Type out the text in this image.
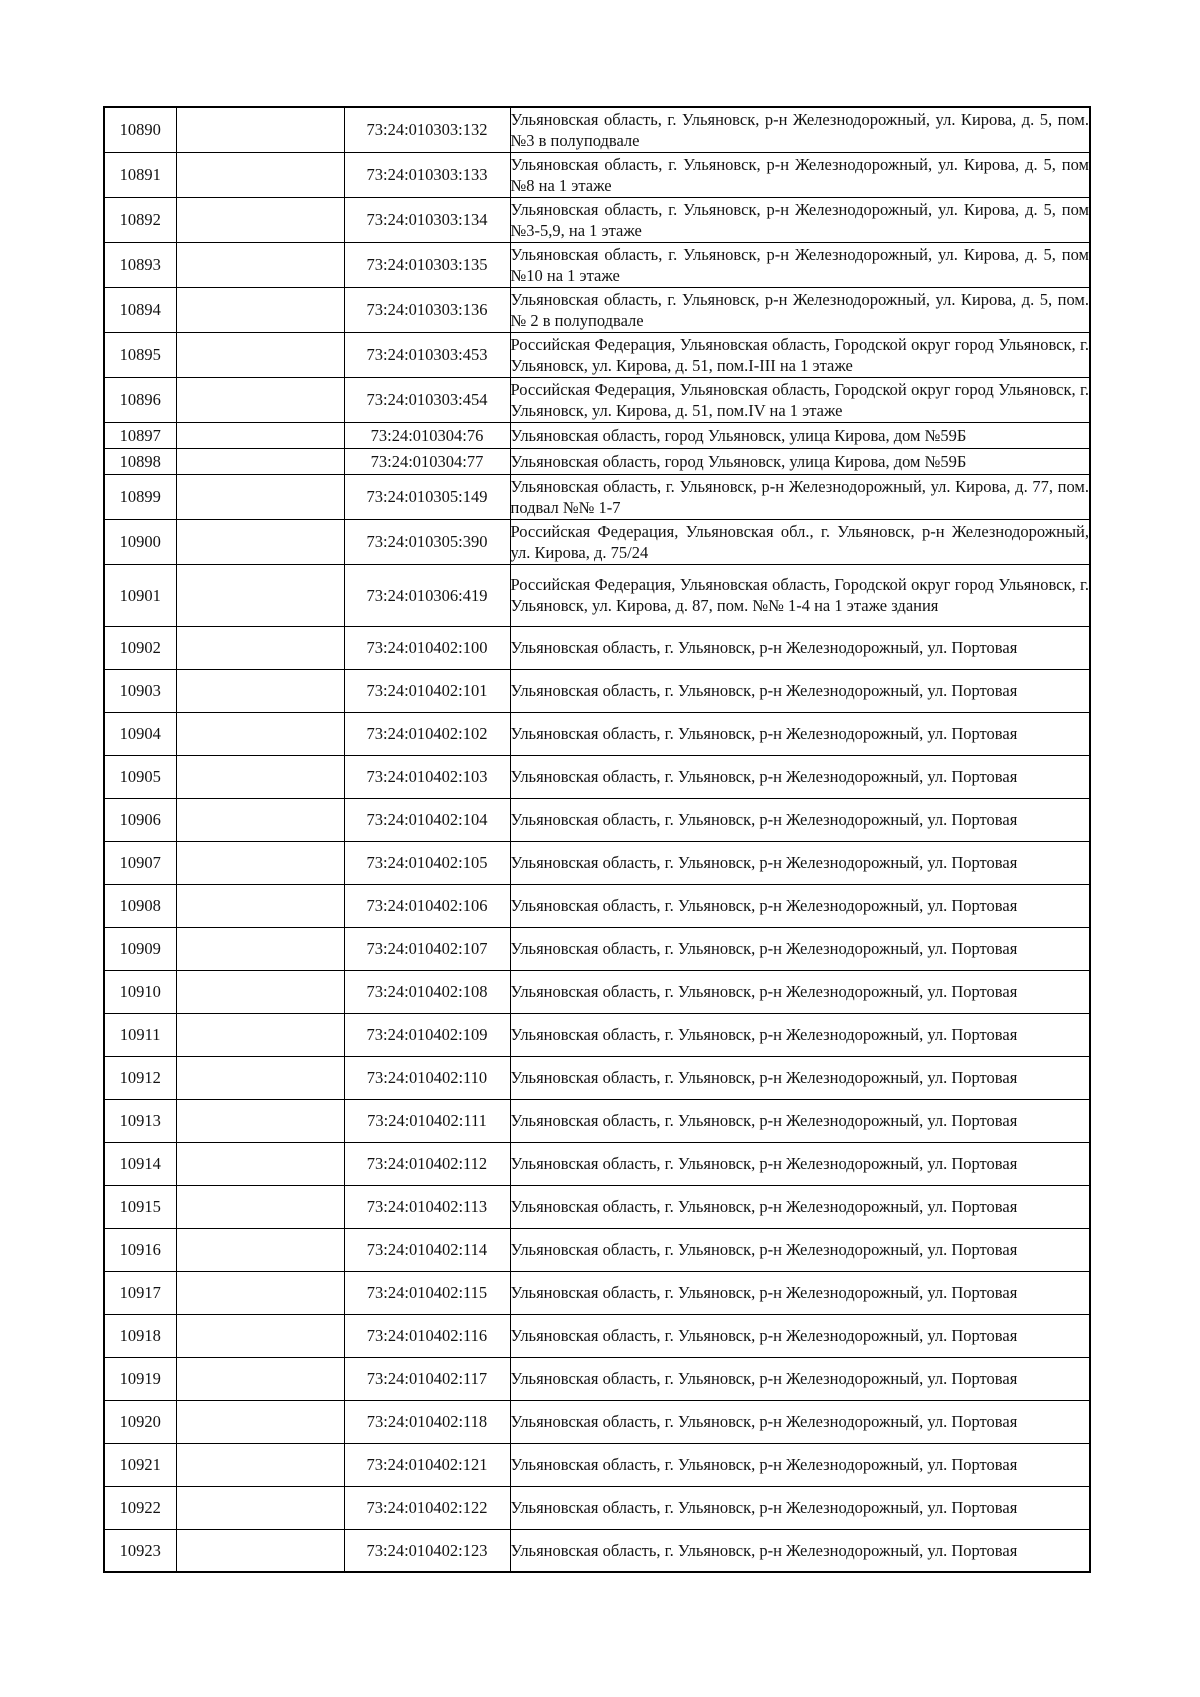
10890		73:24:010303:132	Ульяновская область, г. Ульяновск, р-н Железнодорожный, ул. Кирова, д. 5, пом. №3 в полуподвале
10891		73:24:010303:133	Ульяновская область, г. Ульяновск, р-н Железнодорожный, ул. Кирова, д. 5, пом №8 на 1 этаже
10892		73:24:010303:134	Ульяновская область, г. Ульяновск, р-н Железнодорожный, ул. Кирова, д. 5, пом №3-5,9, на 1 этаже
10893		73:24:010303:135	Ульяновская область, г. Ульяновск, р-н Железнодорожный, ул. Кирова, д. 5, пом №10 на 1 этаже
10894		73:24:010303:136	Ульяновская область, г. Ульяновск, р-н Железнодорожный, ул. Кирова, д. 5, пом. № 2 в полуподвале
10895		73:24:010303:453	Российская Федерация, Ульяновская область, Городской округ город Ульяновск, г. Ульяновск, ул. Кирова, д. 51, пом.I-III на 1 этаже
10896		73:24:010303:454	Российская Федерация, Ульяновская область, Городской округ город Ульяновск, г. Ульяновск, ул. Кирова, д. 51, пом.IV на 1 этаже
10897		73:24:010304:76	Ульяновская область, город Ульяновск, улица Кирова, дом №59Б
10898		73:24:010304:77	Ульяновская область, город Ульяновск, улица Кирова, дом №59Б
10899		73:24:010305:149	Ульяновская область, г. Ульяновск, р-н Железнодорожный, ул. Кирова, д. 77, пом. подвал №№ 1-7
10900		73:24:010305:390	Российская Федерация, Ульяновская обл., г. Ульяновск, р-н Железнодорожный, ул. Кирова, д. 75/24
10901		73:24:010306:419	Российская Федерация, Ульяновская область, Городской округ город Ульяновск, г. Ульяновск, ул. Кирова, д. 87, пом. №№ 1-4 на 1 этаже здания
10902		73:24:010402:100	Ульяновская область, г. Ульяновск, р-н Железнодорожный, ул. Портовая
10903		73:24:010402:101	Ульяновская область, г. Ульяновск, р-н Железнодорожный, ул. Портовая
10904		73:24:010402:102	Ульяновская область, г. Ульяновск, р-н Железнодорожный, ул. Портовая
10905		73:24:010402:103	Ульяновская область, г. Ульяновск, р-н Железнодорожный, ул. Портовая
10906		73:24:010402:104	Ульяновская область, г. Ульяновск, р-н Железнодорожный, ул. Портовая
10907		73:24:010402:105	Ульяновская область, г. Ульяновск, р-н Железнодорожный, ул. Портовая
10908		73:24:010402:106	Ульяновская область, г. Ульяновск, р-н Железнодорожный, ул. Портовая
10909		73:24:010402:107	Ульяновская область, г. Ульяновск, р-н Железнодорожный, ул. Портовая
10910		73:24:010402:108	Ульяновская область, г. Ульяновск, р-н Железнодорожный, ул. Портовая
10911		73:24:010402:109	Ульяновская область, г. Ульяновск, р-н Железнодорожный, ул. Портовая
10912		73:24:010402:110	Ульяновская область, г. Ульяновск, р-н Железнодорожный, ул. Портовая
10913		73:24:010402:111	Ульяновская область, г. Ульяновск, р-н Железнодорожный, ул. Портовая
10914		73:24:010402:112	Ульяновская область, г. Ульяновск, р-н Железнодорожный, ул. Портовая
10915		73:24:010402:113	Ульяновская область, г. Ульяновск, р-н Железнодорожный, ул. Портовая
10916		73:24:010402:114	Ульяновская область, г. Ульяновск, р-н Железнодорожный, ул. Портовая
10917		73:24:010402:115	Ульяновская область, г. Ульяновск, р-н Железнодорожный, ул. Портовая
10918		73:24:010402:116	Ульяновская область, г. Ульяновск, р-н Железнодорожный, ул. Портовая
10919		73:24:010402:117	Ульяновская область, г. Ульяновск, р-н Железнодорожный, ул. Портовая
10920		73:24:010402:118	Ульяновская область, г. Ульяновск, р-н Железнодорожный, ул. Портовая
10921		73:24:010402:121	Ульяновская область, г. Ульяновск, р-н Железнодорожный, ул. Портовая
10922		73:24:010402:122	Ульяновская область, г. Ульяновск, р-н Железнодорожный, ул. Портовая
10923		73:24:010402:123	Ульяновская область, г. Ульяновск, р-н Железнодорожный, ул. Портовая
